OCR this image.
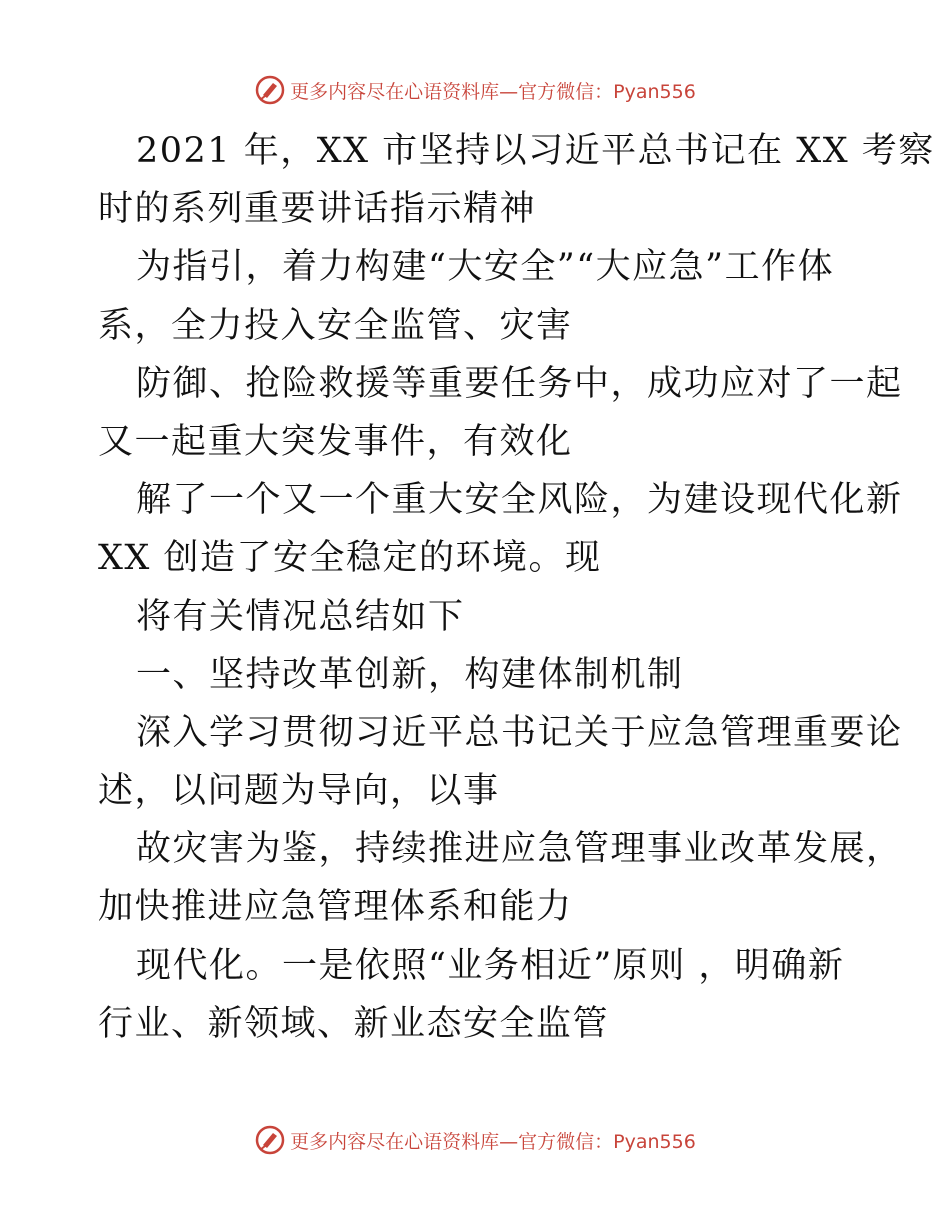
更多内容尽在心语资料库—官方微信：Pyan556
2021 年，XX 市坚持以习近平总书记在 XX 考察
时的系列重要讲话指示精神
为指引，着力构建“大安全”“大应急”工作体
系，全力投入安全监管、灾害
防御、抢险救援等重要任务中，成功应对了一起
又一起重大突发事件，有效化
解了一个又一个重大安全风险，为建设现代化新
XX 创造了安全稳定的环境。现
将有关情况总结如下
一、坚持改革创新，构建体制机制
深入学习贯彻习近平总书记关于应急管理重要论
述，以问题为导向，以事
故灾害为鉴，持续推进应急管理事业改革发展，
加快推进应急管理体系和能力
现代化。一是依照“业务相近”原则 ，明确新
行业、新领域、新业态安全监管
更多内容尽在心语资料库—官方微信：Pyan556
